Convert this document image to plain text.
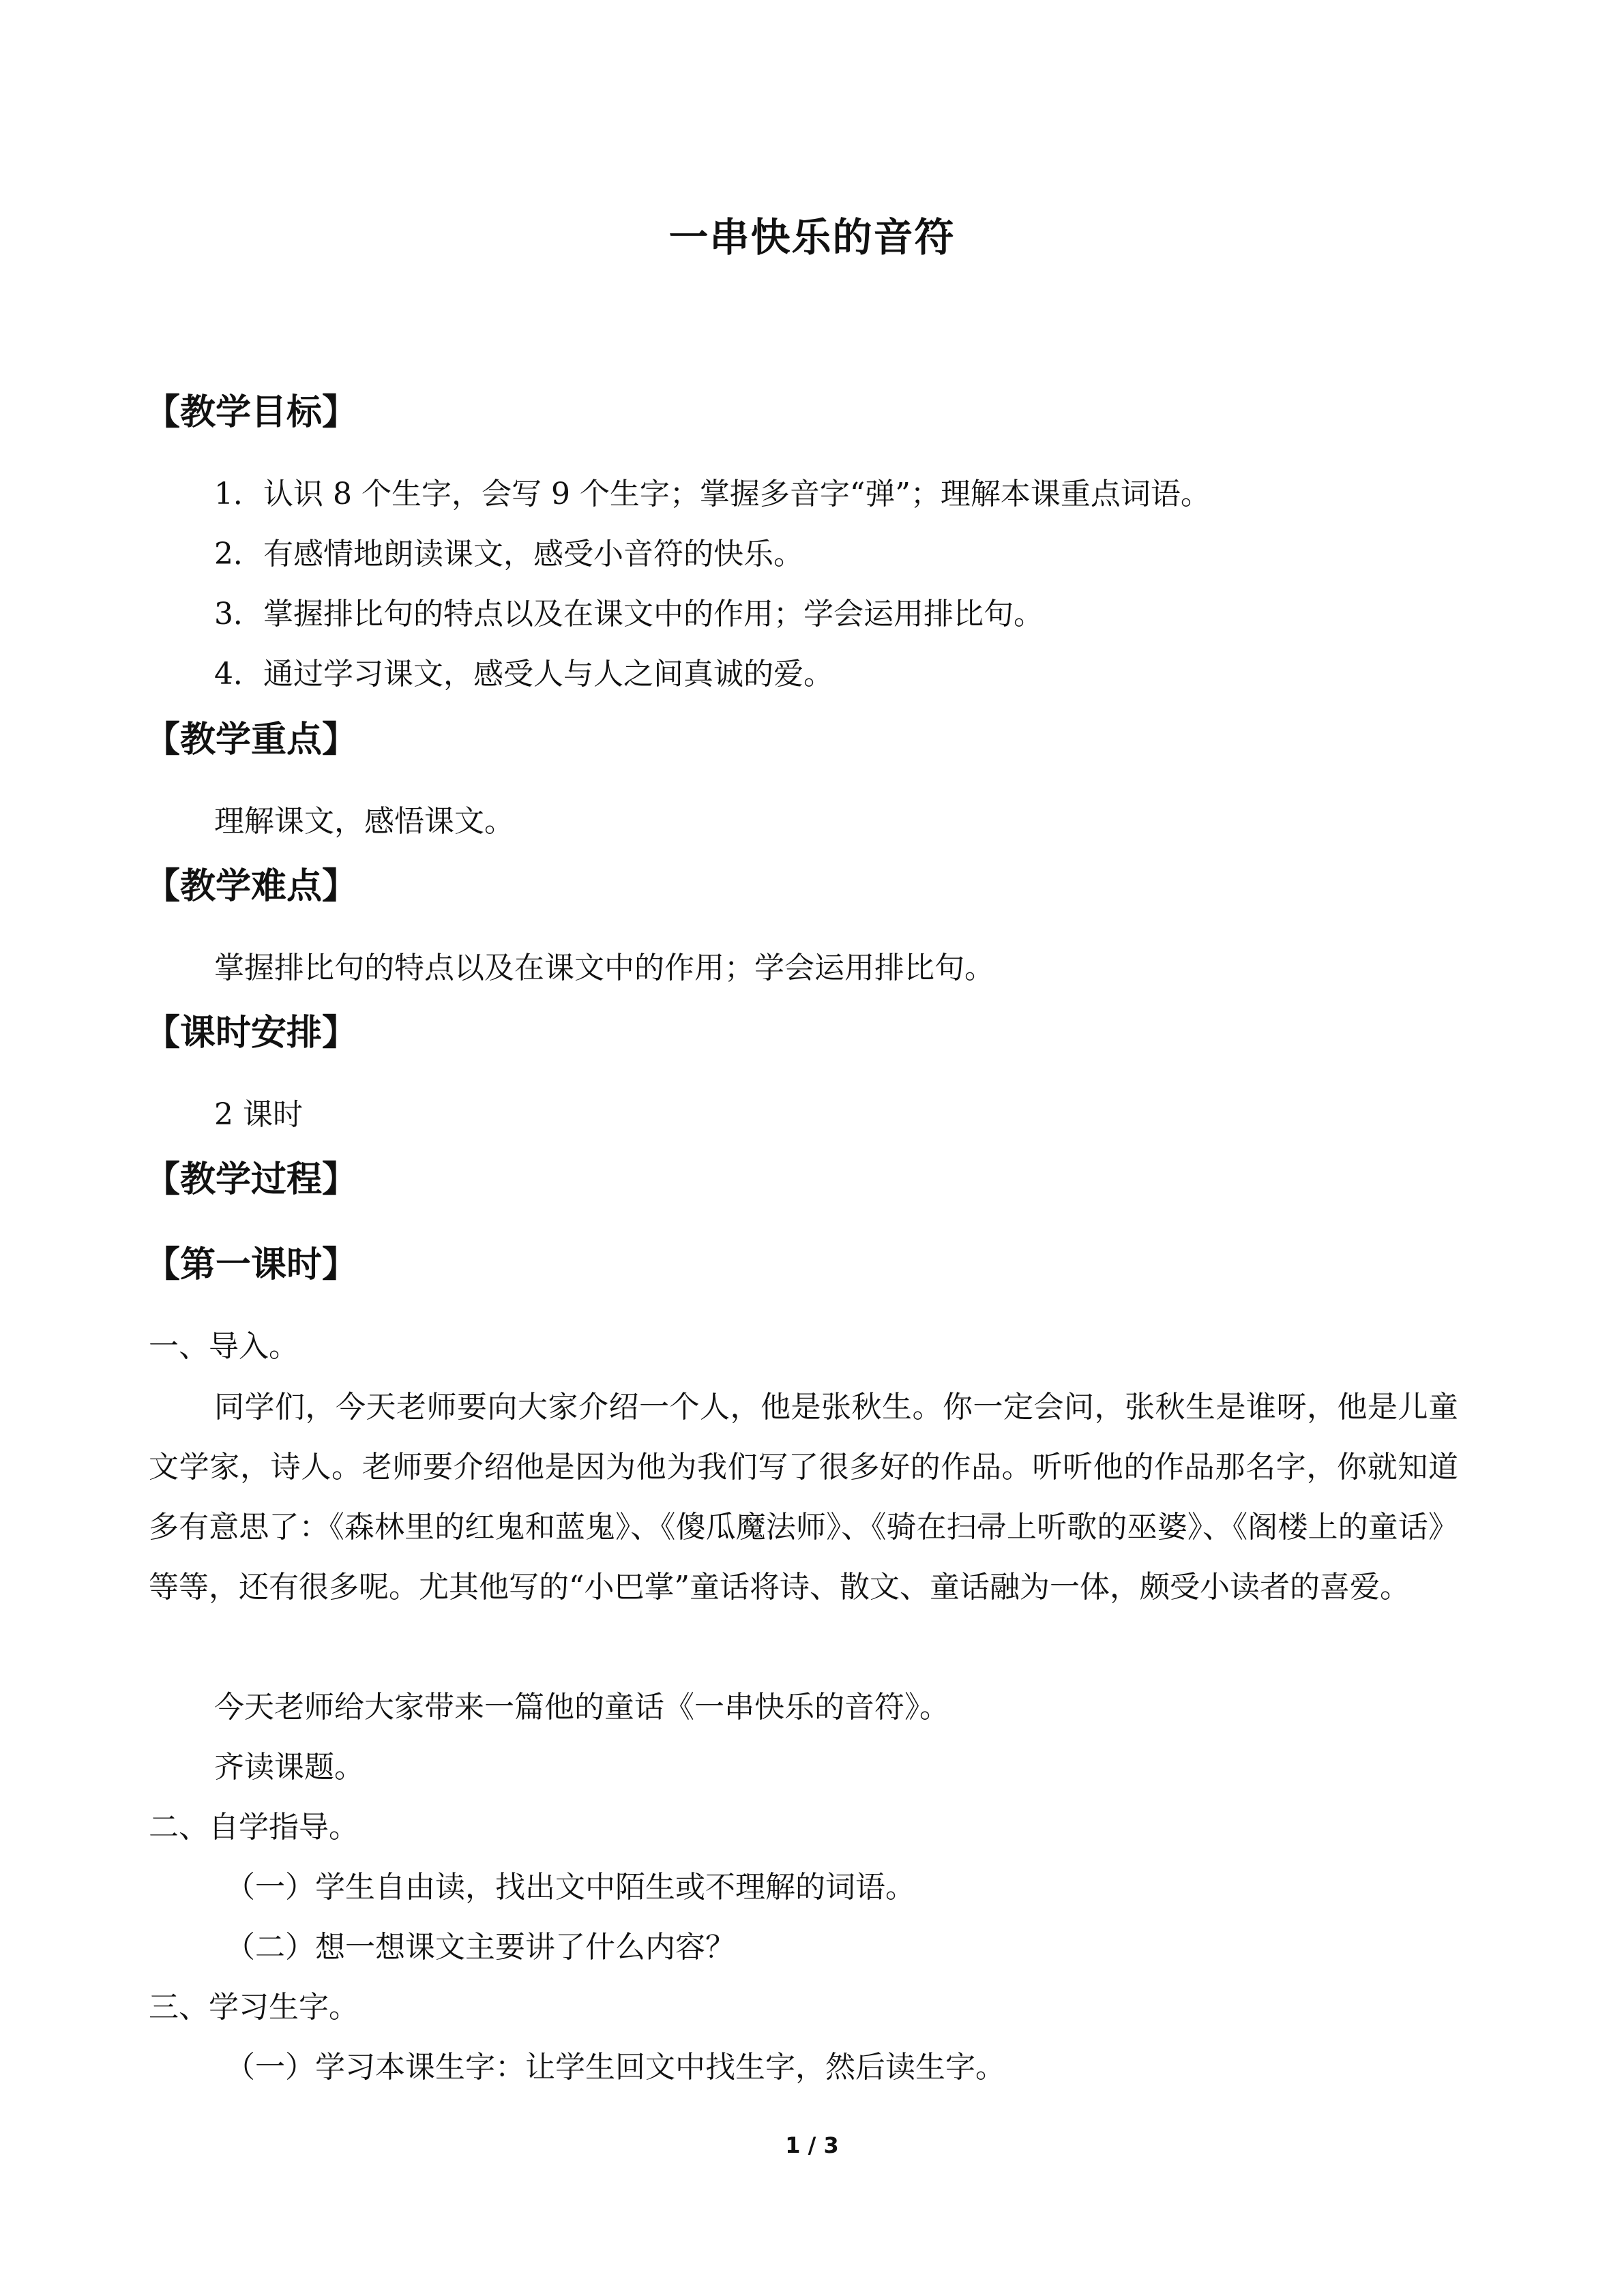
一串快乐的音符
【教学目标】
1．认识 8 个生字，会写 9 个生字；掌握多音字“弹”；理解本课重点词语。
2．有感情地朗读课文，感受小音符的快乐。
3．掌握排比句的特点以及在课文中的作用；学会运用排比句。
4．通过学习课文，感受人与人之间真诚的爱。
【教学重点】
理解课文，感悟课文。
【教学难点】
掌握排比句的特点以及在课文中的作用；学会运用排比句。
【课时安排】
2 课时
【教学过程】
【第一课时】
一、导入。
同学们，今天老师要向大家介绍一个人，他是张秋生。你一定会问，张秋生是谁呀，他是儿童文学家，诗人。老师要介绍他是因为他为我们写了很多好的作品。听听他的作品那名字，你就知道多有意思了：《森林里的红鬼和蓝鬼》、《傻瓜魔法师》、《骑在扫帚上听歌的巫婆》、《阁楼上的童话》等等，还有很多呢。尤其他写的“小巴掌”童话将诗、散文、童话融为一体，颇受小读者的喜爱。
今天老师给大家带来一篇他的童话《一串快乐的音符》。
齐读课题。
二、自学指导。
（一）学生自由读，找出文中陌生或不理解的词语。
（二）想一想课文主要讲了什么内容？
三、学习生字。
（一）学习本课生字：让学生回文中找生字，然后读生字。
1 / 3
